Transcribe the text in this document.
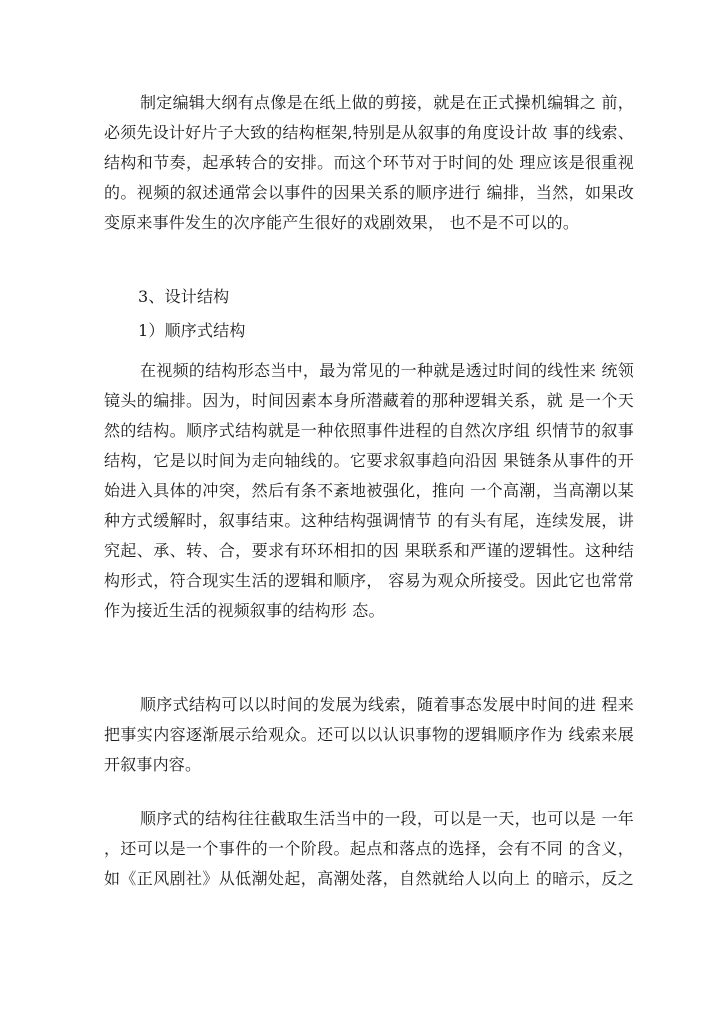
制定编辑大纲有点像是在纸上做的剪接，就是在正式操机编辑之 前，
必须先设计好片子大致的结构框架,特别是从叙事的角度设计故 事的线索、
结构和节奏，起承转合的安排。而这个环节对于时间的处 理应该是很重视
的。视频的叙述通常会以事件的因果关系的顺序进行 编排，当然，如果改
变原来事件发生的次序能产生很好的戏剧效果， 也不是不可以的。
3、设计结构
1）顺序式结构
在视频的结构形态当中，最为常见的一种就是透过时间的线性来 统领
镜头的编排。因为，时间因素本身所潜藏着的那种逻辑关系，就 是一个天
然的结构。顺序式结构就是一种依照事件进程的自然次序组 织情节的叙事
结构，它是以时间为走向轴线的。它要求叙事趋向沿因 果链条从事件的开
始进入具体的冲突，然后有条不紊地被强化，推向 一个高潮，当高潮以某
种方式缓解时，叙事结束。这种结构强调情节 的有头有尾，连续发展，讲
究起、承、转、合，要求有环环相扣的因 果联系和严谨的逻辑性。这种结
构形式，符合现实生活的逻辑和顺序， 容易为观众所接受。因此它也常常
作为接近生活的视频叙事的结构形 态。
顺序式结构可以以时间的发展为线索，随着事态发展中时间的进 程来
把事实内容逐渐展示给观众。还可以以认识事物的逻辑顺序作为 线索来展
开叙事内容。
顺序式的结构往往截取生活当中的一段，可以是一天，也可以是 一年
，还可以是一个事件的一个阶段。起点和落点的选择，会有不同 的含义，
如《正风剧社》从低潮处起，高潮处落，自然就给人以向上 的暗示，反之
